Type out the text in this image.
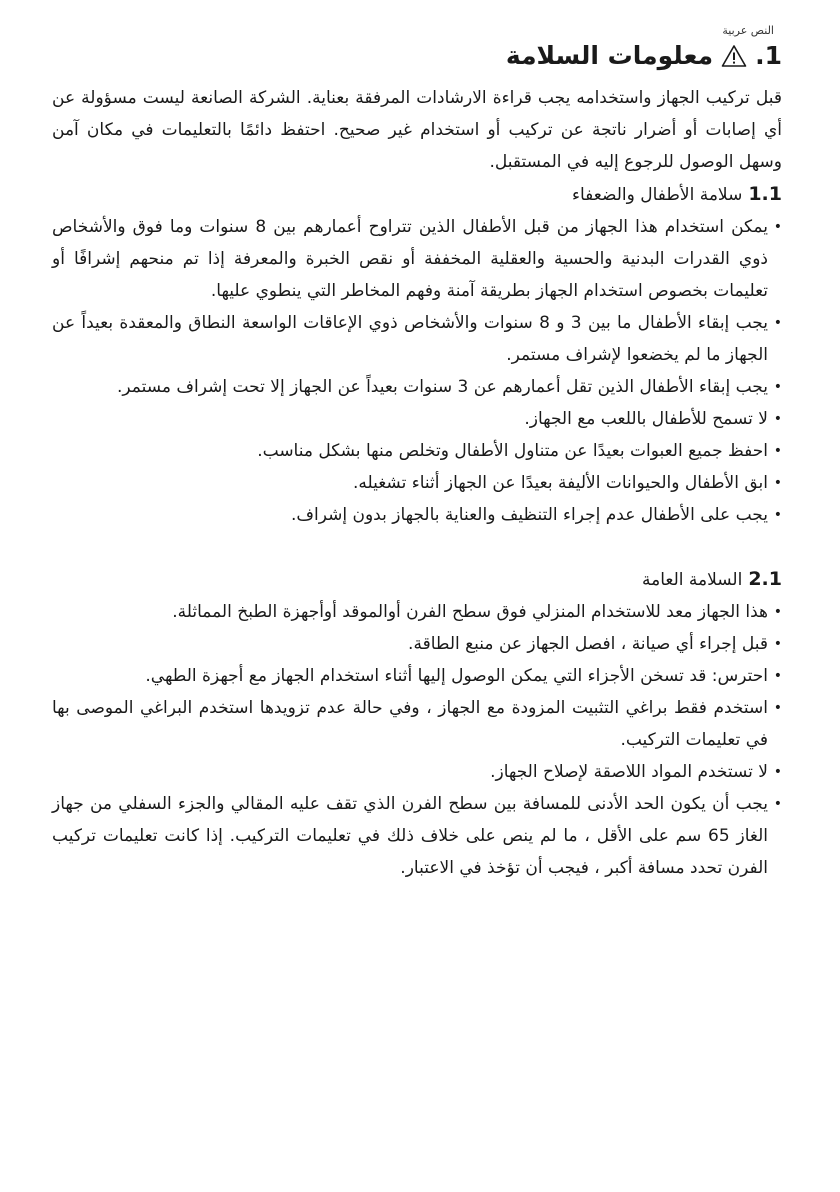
النص عربية
1.
معلومات السلامة

قبل تركيب الجهاز واستخدامه يجب قراءة الارشادات المرفقة بعناية. الشركة الصانعة ليست مسؤولة عن أي إصابات أو أضرار ناتجة عن تركيب أو استخدام غير صحيح. احتفظ دائمًا بالتعليمات في مكان آمن وسهل الوصول للرجوع إليه في المستقبل.

1.1سلامة الأطفال والضعفاء
• يمكن استخدام هذا الجهاز من قبل الأطفال الذين تتراوح أعمارهم بين 8 سنوات وما فوق والأشخاص ذوي القدرات البدنية والحسية والعقلية المخففة أو نقص الخبرة والمعرفة إذا تم منحهم إشرافًا أو تعليمات بخصوص استخدام الجهاز بطريقة آمنة وفهم المخاطر التي ينطوي عليها.
• يجب إبقاء الأطفال ما بين 3 و 8 سنوات والأشخاص ذوي الإعاقات الواسعة النطاق والمعقدة بعيداً عن الجهاز ما لم يخضعوا لإشراف مستمر.
• يجب إبقاء الأطفال الذين تقل أعمارهم عن 3 سنوات بعيداً عن الجهاز إلا تحت إشراف مستمر.
• لا تسمح للأطفال باللعب مع الجهاز.
• احفظ جميع العبوات بعيدًا عن متناول الأطفال وتخلص منها بشكل مناسب.
• ابق الأطفال والحيوانات الأليفة بعيدًا عن الجهاز أثناء تشغيله.
• يجب على الأطفال عدم إجراء التنظيف والعناية بالجهاز بدون إشراف.
2.1السلامة العامة
• هذا الجهاز معد للاستخدام المنزلي فوق سطح الفرن أوالموقد أوأجهزة الطبخ المماثلة.
• قبل إجراء أي صيانة ، افصل الجهاز عن منبع الطاقة.
• احترس: قد تسخن الأجزاء التي يمكن الوصول إليها أثناء استخدام الجهاز مع أجهزة الطهي.
• استخدم فقط براغي التثبيت المزودة مع الجهاز ، وفي حالة عدم تزويدها استخدم البراغي الموصى بها في تعليمات التركيب.
• لا تستخدم المواد اللاصقة لإصلاح الجهاز.
• يجب أن يكون الحد الأدنى للمسافة بين سطح الفرن الذي تقف عليه المقالي والجزء السفلي من جهاز الغاز 65 سم على الأقل ، ما لم ينص على خلاف ذلك في تعليمات التركيب. إذا كانت تعليمات تركيب الفرن تحدد مسافة أكبر ، فيجب أن تؤخذ في الاعتبار.
